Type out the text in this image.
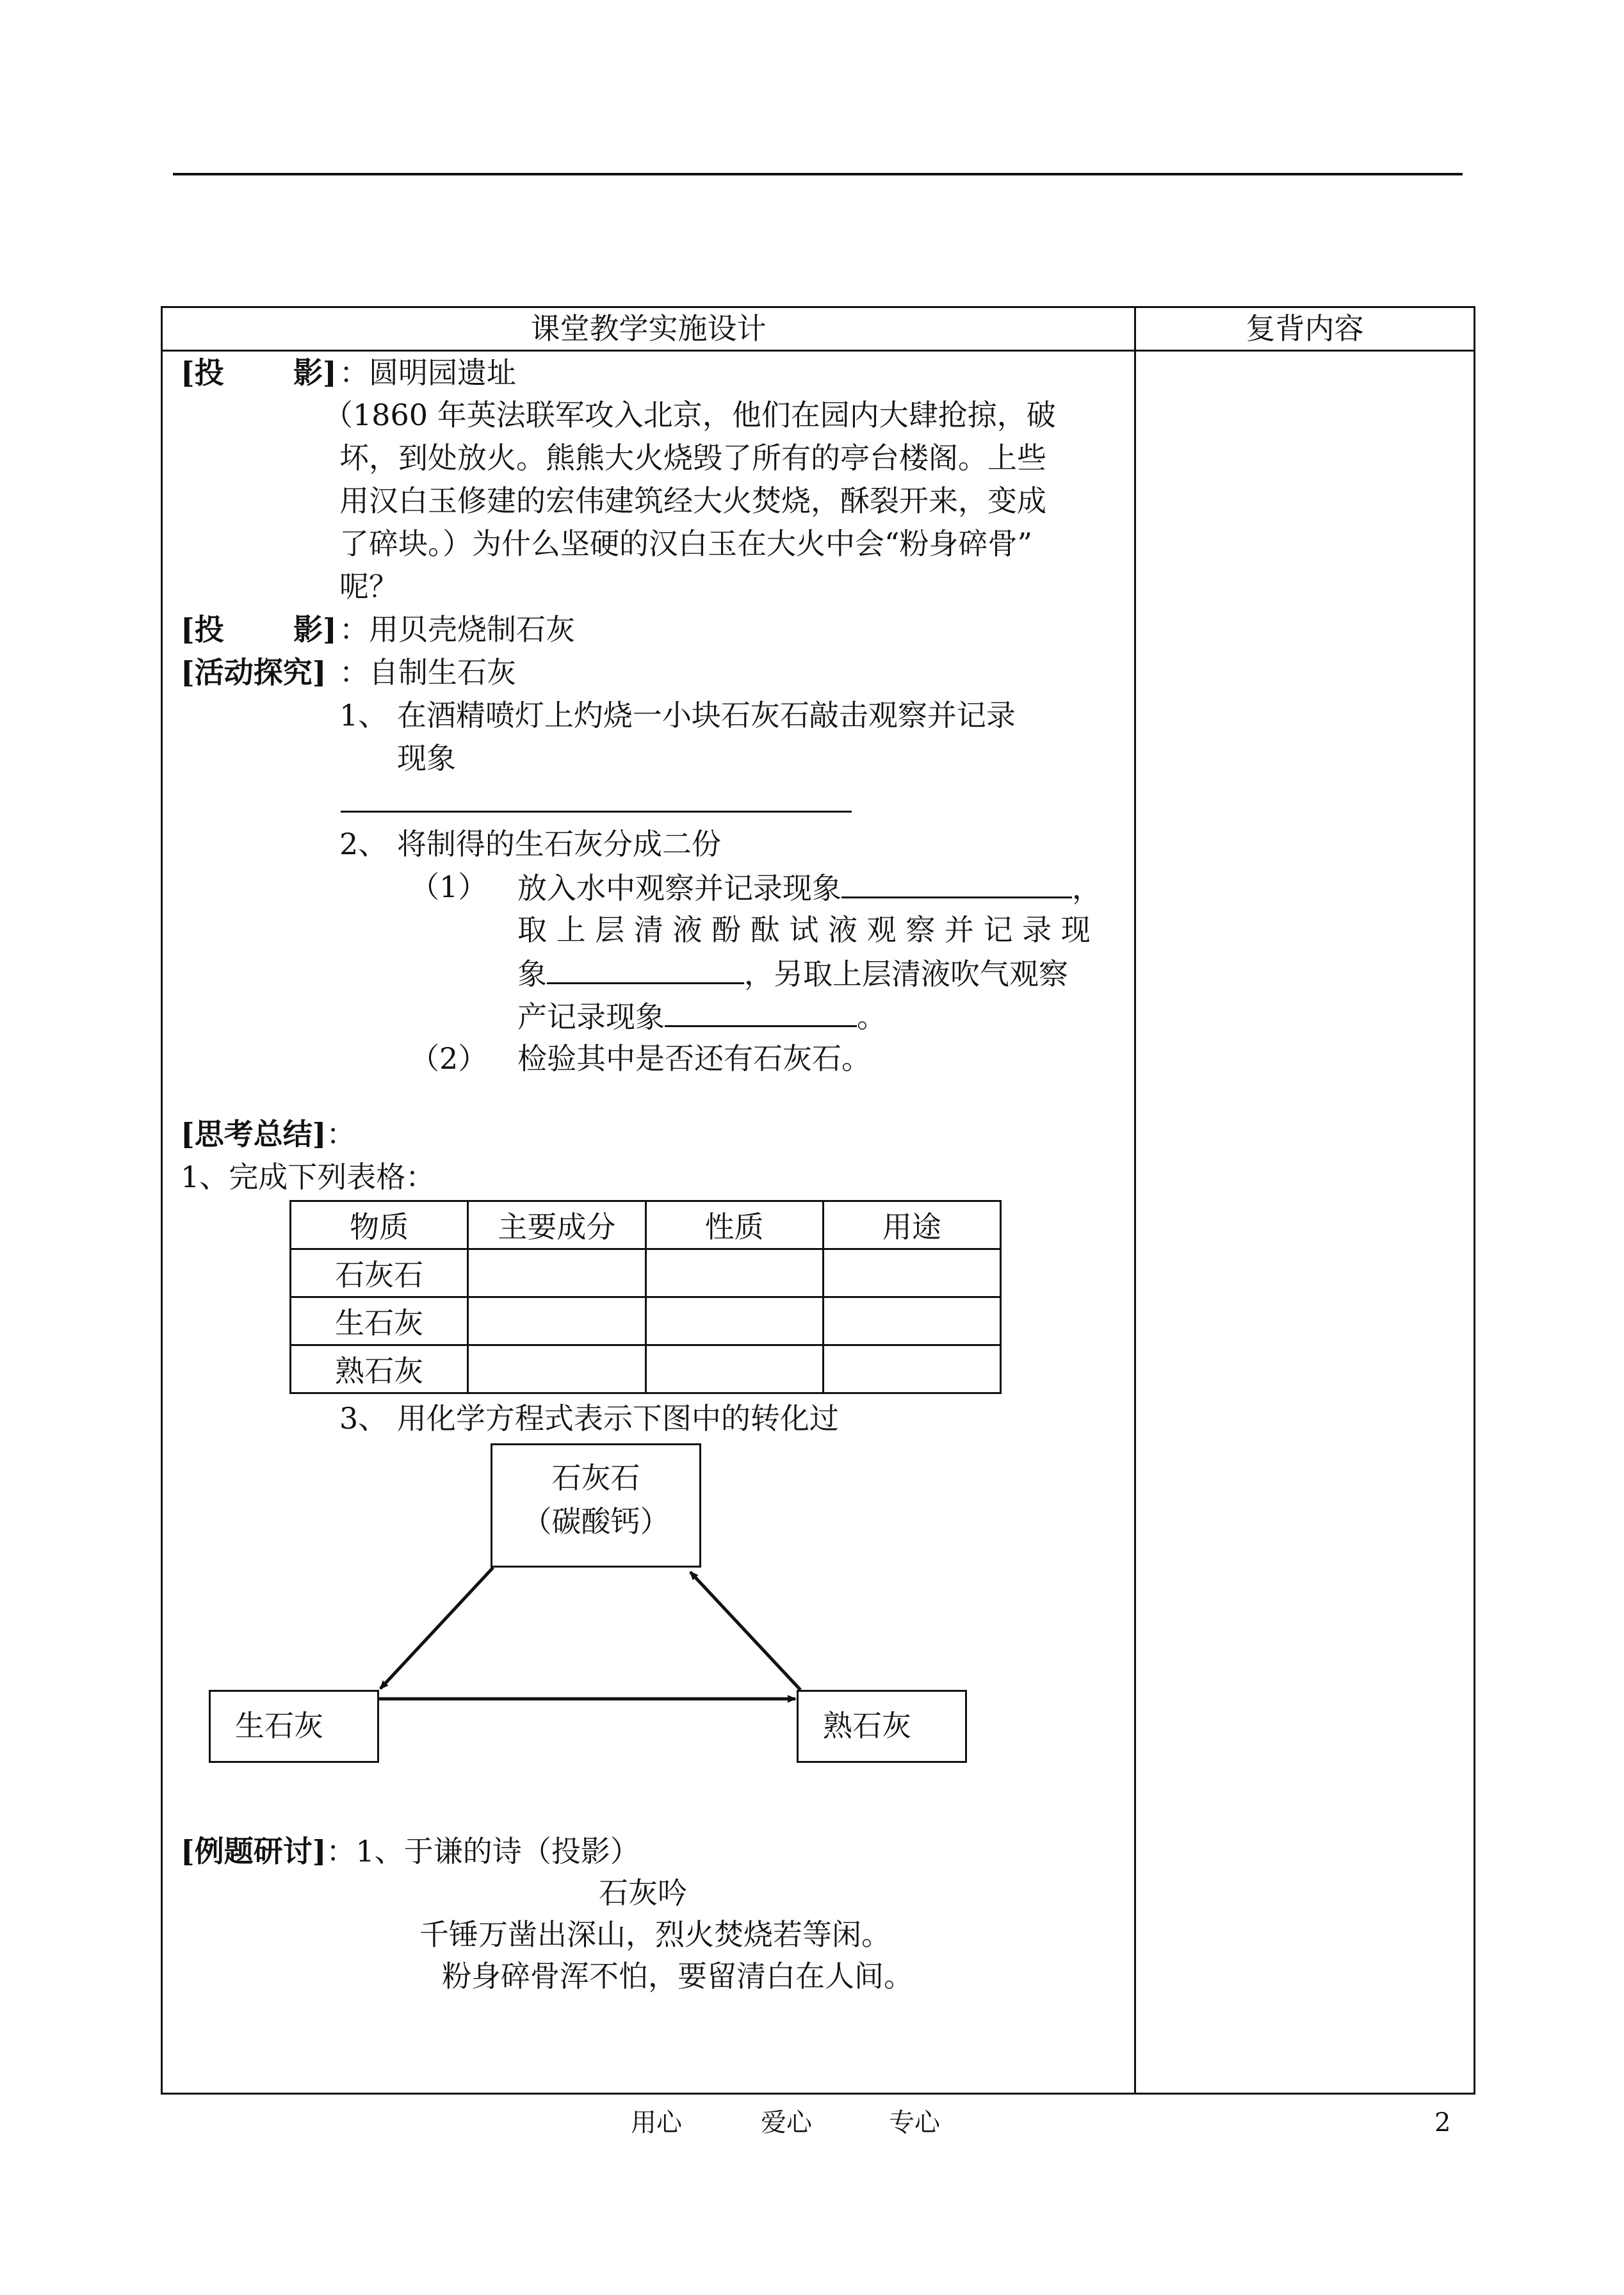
课堂教学实施设计	复背内容
[投 影] ：圆明园遗址
（1860 年英法联军攻入北京，他们在园内大肆抢掠，破
坏，到处放火。熊熊大火烧毁了所有的亭台楼阁。上些
用汉白玉修建的宏伟建筑经大火焚烧，酥裂开来，变成
了碎块。）为什么坚硬的汉白玉在大火中会“粉身碎骨”
呢？
[投 影] ：用贝壳烧制石灰
[活动探究] ：自制生石灰
1、 在酒精喷灯上灼烧一小块石灰石敲击观察并记录
现象
2、 将制得的生石灰分成二份
（1） 放入水中观察并记录现象	，
取 上 层 清 液 酚 酞 试 液 观 察 并 记 录 现
象	，另取上层清液吹气观察
产记录现象	。
（2） 检验其中是否还有石灰石。
[思考总结]：
1、完成下列表格：
物质	主要成分	性质	用途
石灰石			
生石灰			
熟石灰			
3、 用化学方程式表示下图中的转化过
石灰石
（碳酸钙）
生石灰	熟石灰
[例题研讨]：1、于谦的诗（投影）
石灰吟
千锤万凿出深山，烈火焚烧若等闲。
粉身碎骨浑不怕，要留清白在人间。
用心	爱心	专心	2
